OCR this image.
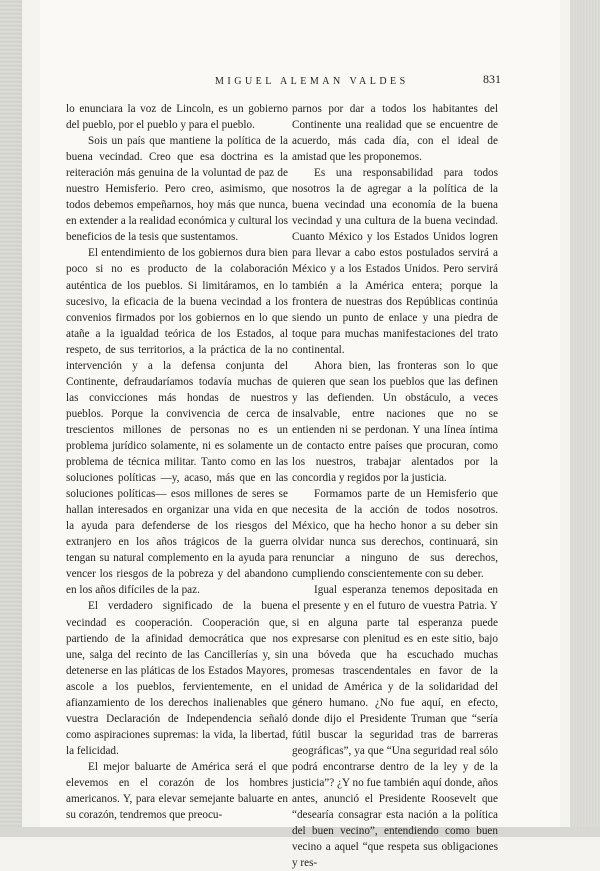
MIGUEL ALEMAN VALDES	831

lo enunciara la voz de Lincoln, es un gobierno del pueblo, por el pueblo y para el pueblo.

Sois un país que mantiene la política de la buena vecindad. Creo que esa doctrina es la reiteración más genuina de la voluntad de paz de nuestro Hemisferio. Pero creo, asimismo, que todos debemos empeñarnos, hoy más que nunca, en extender a la realidad económica y cultural los beneficios de la tesis que sustentamos.

El entendimiento de los gobiernos dura bien poco si no es producto de la colaboración auténtica de los pueblos. Si limitáramos, en lo sucesivo, la eficacia de la buena vecindad a los convenios firmados por los gobiernos en lo que atañe a la igualdad teórica de los Estados, al respeto, de sus territorios, a la práctica de la no intervención y a la defensa conjunta del Continente, defraudaríamos todavía muchas de las convicciones más hondas de nuestros pueblos. Porque la convivencia de cerca de trescientos millones de personas no es un problema jurídico solamente, ni es solamente un problema de técnica militar. Tanto como en las soluciones políticas —y, acaso, más que en las soluciones políticas— esos millones de seres se hallan interesados en organizar una vida en que la ayuda para defenderse de los riesgos del extranjero en los años trágicos de la guerra tengan su natural complemento en la ayuda para vencer los riesgos de la pobreza y del abandono en los años difíciles de la paz.

El verdadero significado de la buena vecindad es cooperación. Cooperación que, partiendo de la afinidad democrática que nos une, salga del recinto de las Cancillerías y, sin detenerse en las pláticas de los Estados Mayores, ascole a los pueblos, fervientemente, en el afianzamiento de los derechos inalienables que vuestra Declaración de Independencia señaló como aspiraciones supremas: la vida, la libertad, la felicidad.

El mejor baluarte de América será el que elevemos en el corazón de los hombres americanos. Y, para elevar semejante baluarte en su corazón, tendremos que preocu-

parnos por dar a todos los habitantes del Continente una realidad que se encuentre de acuerdo, más cada día, con el ideal de amistad que les proponemos.

Es una responsabilidad para todos nosotros la de agregar a la política de la buena vecindad una economía de la buena vecindad y una cultura de la buena vecindad. Cuanto México y los Estados Unidos logren para llevar a cabo estos postulados servirá a México y a los Estados Unidos. Pero servirá también a la América entera; porque la frontera de nuestras dos Repúblicas continúa siendo un punto de enlace y una piedra de toque para muchas manifestaciones del trato continental.

Ahora bien, las fronteras son lo que quieren que sean los pueblos que las definen y las defienden. Un obstáculo, a veces insalvable, entre naciones que no se entienden ni se perdonan. Y una línea íntima de contacto entre países que procuran, como los nuestros, trabajar alentados por la concordia y regidos por la justicia.

Formamos parte de un Hemisferio que necesita de la acción de todos nosotros. México, que ha hecho honor a su deber sin olvidar nunca sus derechos, continuará, sin renunciar a ninguno de sus derechos, cumpliendo conscientemente con su deber.

Igual esperanza tenemos depositada en el presente y en el futuro de vuestra Patria. Y si en alguna parte tal esperanza puede expresarse con plenitud es en este sitio, bajo una bóveda que ha escuchado muchas promesas trascendentales en favor de la unidad de América y de la solidaridad del género humano. ¿No fue aquí, en efecto, donde dijo el Presidente Truman que “sería fútil buscar la seguridad tras de barreras geográficas”, ya que “Una seguridad real sólo podrá encontrarse dentro de la ley y de la justicia”? ¿Y no fue también aquí donde, años antes, anunció el Presidente Roosevelt que “desearía consagrar esta nación a la política del buen vecino”, entendiendo como buen vecino a aquel “que respeta sus obligaciones y res-
